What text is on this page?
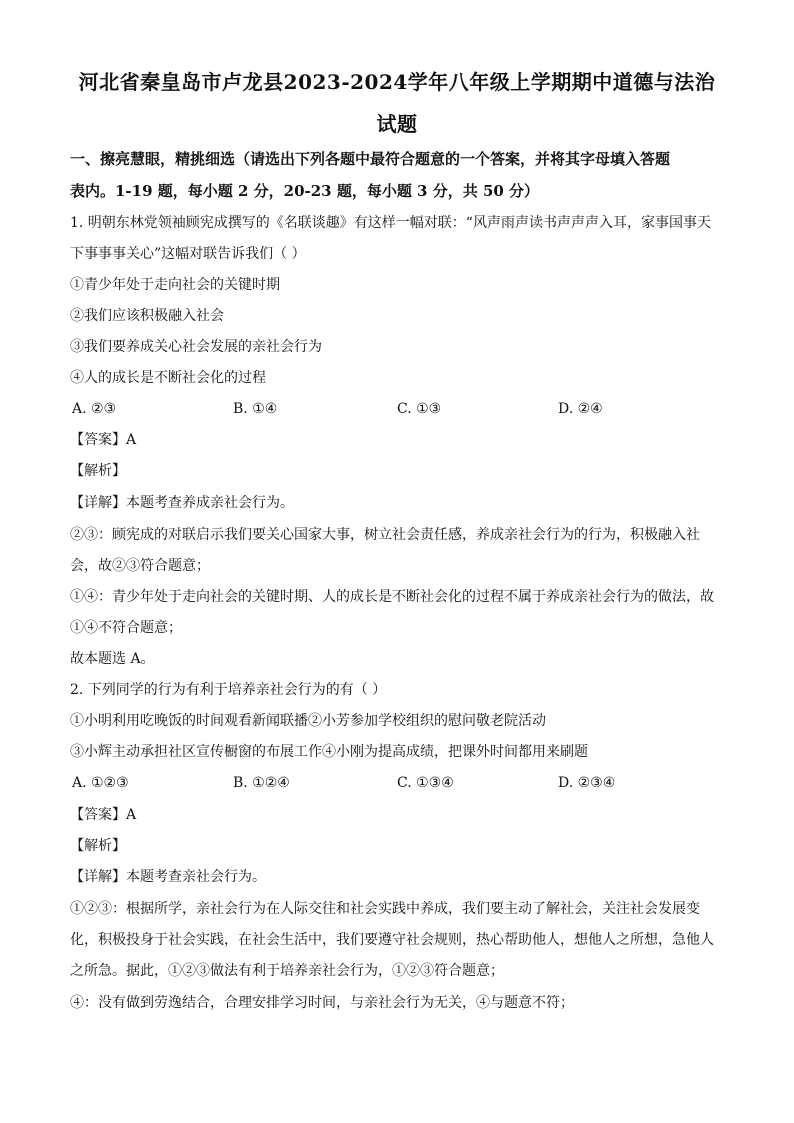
河北省秦皇岛市卢龙县2023-2024学年八年级上学期期中道德与法治
试题
一、擦亮慧眼，精挑细选（请选出下列各题中最符合题意的一个答案，并将其字母填入答题
表内。1-19 题，每小题 2 分，20-23 题，每小题 3 分，共 50 分）
1. 明朝东林党领袖顾宪成撰写的《名联谈趣》有这样一幅对联：“风声雨声读书声声声入耳，家事国事天
下事事事关心”这幅对联告诉我们（ ）
①青少年处于走向社会的关键时期
②我们应该积极融入社会
③我们要养成关心社会发展的亲社会行为
④人的成长是不断社会化的过程
A. ②③	B. ①④	C. ①③	D. ②④
【答案】A
【解析】
【详解】本题考查养成亲社会行为。
②③：顾宪成的对联启示我们要关心国家大事，树立社会责任感，养成亲社会行为的行为，积极融入社
会，故②③符合题意；
①④：青少年处于走向社会的关键时期、人的成长是不断社会化的过程不属于养成亲社会行为的做法，故
①④不符合题意；
故本题选 A。
2. 下列同学的行为有利于培养亲社会行为的有（ ）
①小明利用吃晚饭的时间观看新闻联播②小芳参加学校组织的慰问敬老院活动
③小辉主动承担社区宣传橱窗的布展工作④小刚为提高成绩，把课外时间都用来刷题
A. ①②③	B. ①②④	C. ①③④	D. ②③④
【答案】A
【解析】
【详解】本题考查亲社会行为。
①②③：根据所学，亲社会行为在人际交往和社会实践中养成，我们要主动了解社会，关注社会发展变
化，积极投身于社会实践，在社会生活中，我们要遵守社会规则，热心帮助他人，想他人之所想，急他人
之所急。据此，①②③做法有利于培养亲社会行为，①②③符合题意；
④：没有做到劳逸结合，合理安排学习时间，与亲社会行为无关，④与题意不符；
